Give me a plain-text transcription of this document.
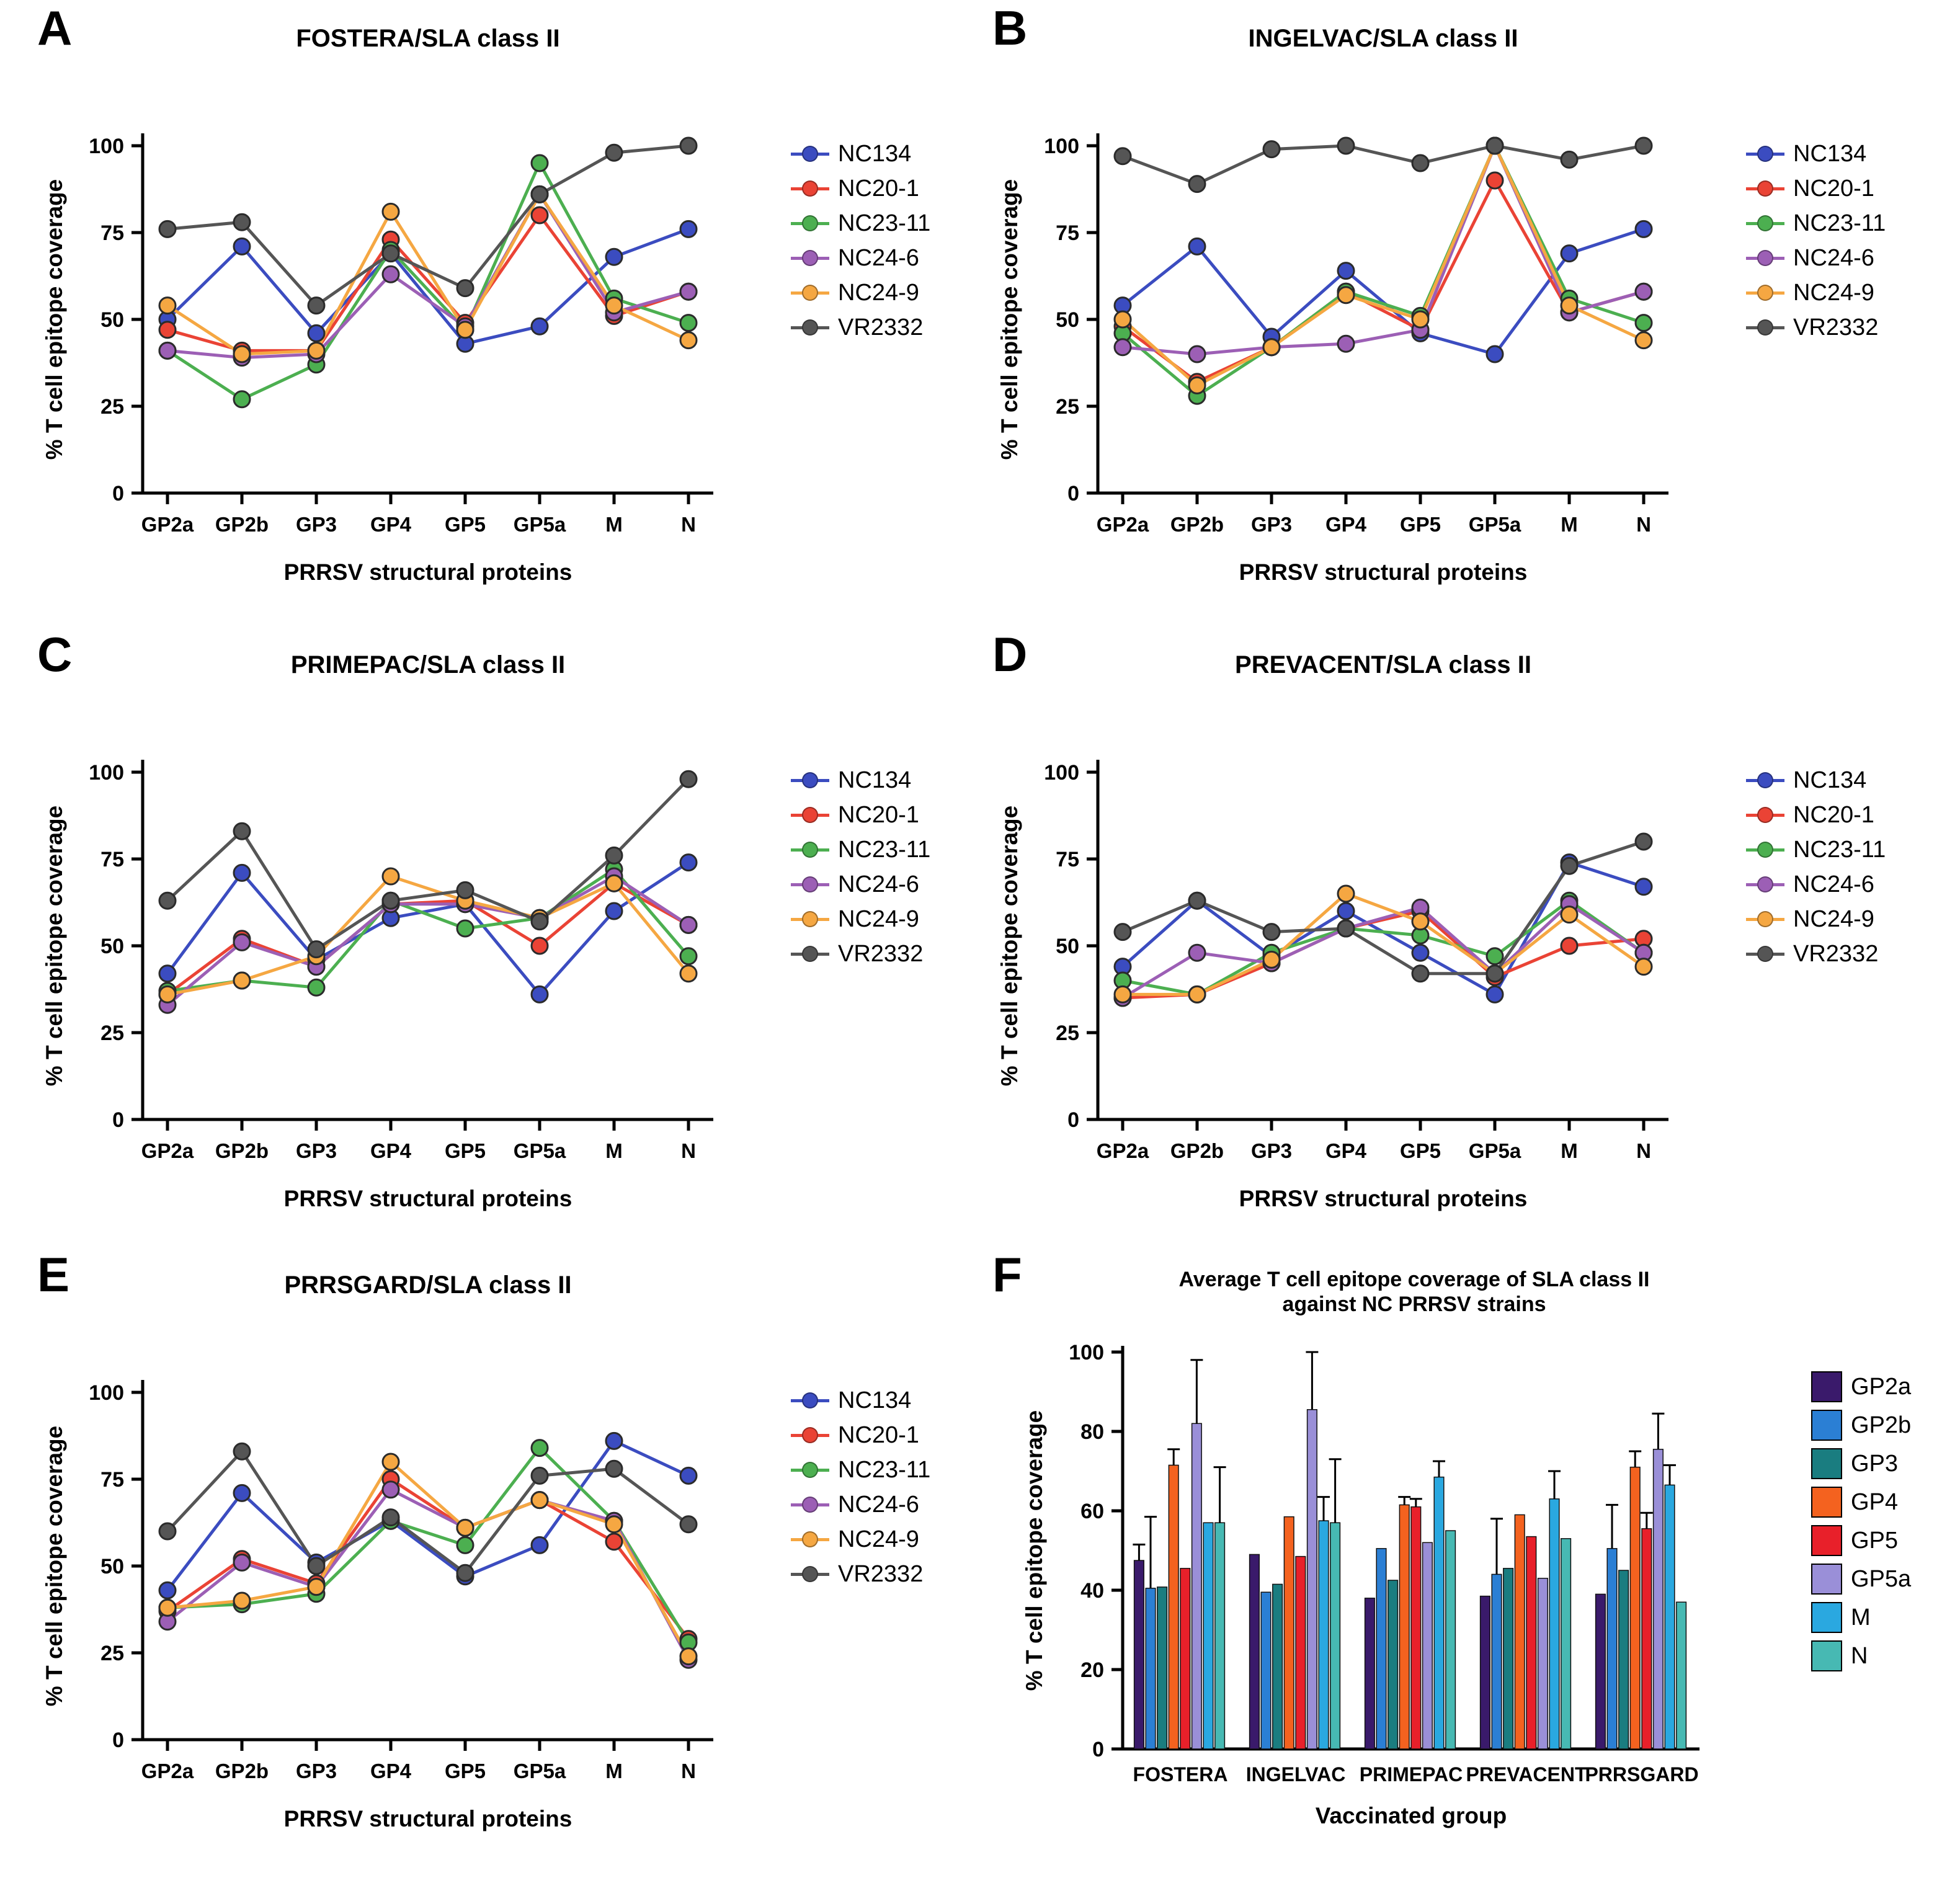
A	FOSTERA/SLA class II
0
25
50
75
100
GP2a GP2b GP3 GP4 GP5 GP5a M	N
PRRSV structural proteins
% T cell epitope coverage
NC134
NC20-1
NC23-11
NC24-6
NC24-9
VR2332
B	INGELVAC/SLA class II
0
25
50
75
100
GP2a GP2b GP3 GP4 GP5 GP5a M	N
PRRSV structural proteins
% T cell epitope coverage
NC134
NC20-1
NC23-11
NC24-6
NC24-9
VR2332
C	PRIMEPAC/SLA class II
0
25
50
75
100
GP2a GP2b GP3 GP4 GP5 GP5a M	N
PRRSV structural proteins
% T cell epitope coverage
NC134
NC20-1
NC23-11
NC24-6
NC24-9
VR2332
D	PREVACENT/SLA class II
0
25
50
75
100
GP2a GP2b GP3 GP4 GP5 GP5a M	N
PRRSV structural proteins
% T cell epitope coverage
NC134
NC20-1
NC23-11
NC24-6
NC24-9
VR2332
E	PRRSGARD/SLA class II
0
25
50
75
100
GP2a GP2b GP3 GP4 GP5 GP5a M	N
PRRSV structural proteins
% T cell epitope coverage
NC134
NC20-1
NC23-11
NC24-6
NC24-9
VR2332
F	Average T cell epitope coverage of SLA class II
against NC PRRSV strains
0
20
40
60
80
100
FOSTERA INGELVAC PRIMEPAC PREVACENT
PRRSGARD
Vaccinated group
% T cell epitope coverage
GP2a
GP2b
GP3
GP4
GP5
GP5a
M
N
